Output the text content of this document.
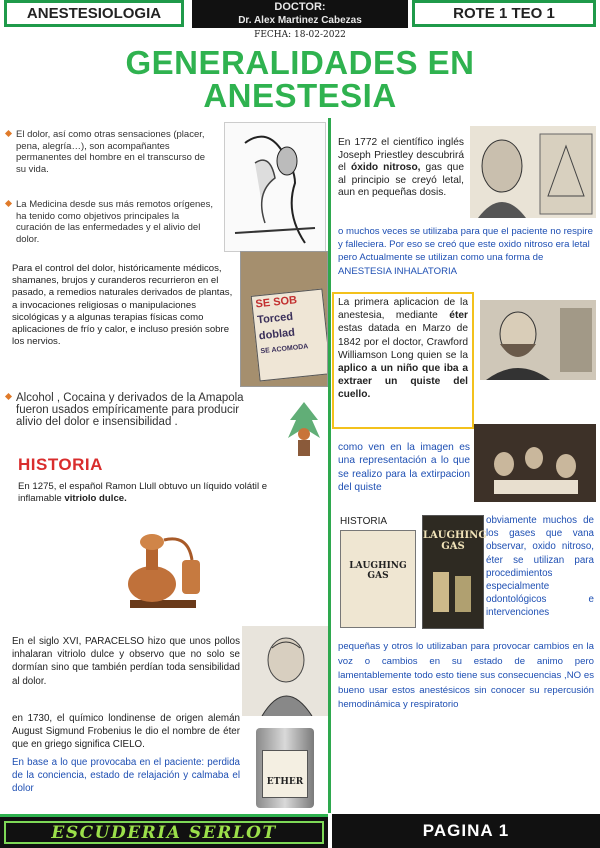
ANESTESIOLOGIA	DOCTOR:
Dr. Alex Martinez Cabezas	ROTE 1 TEO 1
FECHA: 18-02-2022
GENERALIDADES EN
ANESTESIA
El dolor, así como otras sensaciones (placer, pena, alegría…), son acompañantes permanentes del hombre en el transcurso de su vida.
La Medicina desde sus más remotos orígenes, ha tenido como objetivos principales la curación de las enfermedades y el alivio del dolor.
Para el control del dolor, históricamente médicos, shamanes, brujos y curanderos recurrieron en el pasado, a remedios naturales derivados de plantas, a invocaciones religiosas o manipulaciones sicológicas y a algunas terapias físicas como aplicaciones de frío y calor, e incluso presión sobre los nervios.
SE SOB
Torced
doblad
SE ACOMODA
Alcohol , Cocaina y derivados de la Amapola fueron usados empíricamente para producir alivio del dolor e insensibilidad .
HISTORIA
En 1275, el español Ramon Llull obtuvo un líquido volátil e inflamable vitriolo dulce.
En el siglo XVI, PARACELSO hizo que unos pollos inhalaran vitriolo dulce y observo que no solo se dormían sino que también perdían toda sensibilidad al dolor.
en 1730, el químico londinense de origen alemán August Sigmund Frobenius le dio el nombre de éter que en griego significa CIELO.
En base a lo que provocaba en el paciente: perdida de la conciencia, estado de relajación y calmaba el dolor
ETHER
En 1772 el científico inglés Joseph Priestley descubrirá el óxido nitroso, gas que al principio se creyó letal, aun en pequeñas dosis.
o muchos veces se utilizaba para que el paciente no respire y falleciera. Por eso se creó que este oxido nitroso era letal pero Actualmente se utilizan como una forma de ANESTESIA INHALATORIA
La primera aplicacion de la anestesia, mediante éter estas datada en Marzo de 1842 por el doctor, Crawford Williamson Long quien se la aplico a un niño que iba a extraer un quiste del cuello.
como ven en la imagen es una representación a lo que se realizo para la extirpacion del quiste
HISTORIA
LAUGHING GAS
LAUGHING GAS
obviamente muchos de los gases que vana observar, oxido nitroso, éter se utilizan para procedimientos especialmente odontológicos e intervenciones
pequeñas y otros lo utilizaban para provocar cambios en la voz o cambios en su estado de animo pero lamentablemente todo esto tiene sus consecuencias ,NO es bueno usar estos anestésicos sin conocer su repercusión hemodinámica y respiratorio
ESCUDERIA SERLOT	PAGINA 1
